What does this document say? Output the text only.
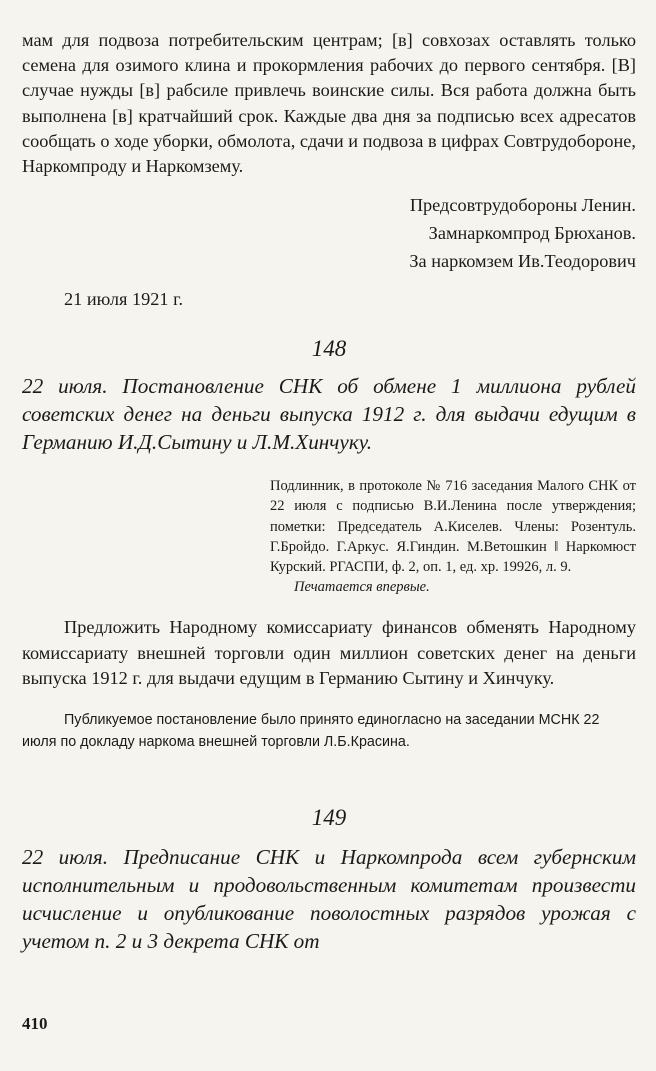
мам для подвоза потребительским центрам; [в] совхозах оставлять только семена для озимого клина и прокормления рабочих до первого сентября. [В] случае нужды [в] рабсиле привлечь воинские силы. Вся работа должна быть выполнена [в] кратчайший срок. Каждые два дня за подписью всех адресатов сообщать о ходе уборки, обмолота, сдачи и подвоза в цифрах Совтрудобороне, Наркомпроду и Наркомзему.

Предсовтрудобороны Ленин.

Замнаркомпрод Брюханов.

За наркомзем Ив.Теодорович

21 июля 1921 г.

148

22 июля. Постановление СНК об обмене 1 миллиона рублей советских денег на деньги выпуска 1912 г. для выдачи едущим в Германию И.Д.Сытину и Л.М.Хинчуку.

Подлинник, в протоколе № 716 заседания Малого СНК от 22 июля с подписью В.И.Ленина после утверждения; пометки: Председатель А.Киселев. Члены: Розентуль. Г.Бройдо. Г.Аркус. Я.Гиндин. М.Ветошкин ‖ Наркомюст Курский. РГАСПИ, ф. 2, оп. 1, ед. хр. 19926, л. 9.
Печатается впервые.

Предложить Народному комиссариату финансов обменять Народному комиссариату внешней торговли один миллион советских денег на деньги выпуска 1912 г. для выдачи едущим в Германию Сытину и Хинчуку.

Публикуемое постановление было принято единогласно на заседании МСНК 22 июля по докладу наркома внешней торговли Л.Б.Красина.

149

22 июля. Предписание СНК и Наркомпрода всем губернским исполнительным и продовольственным комитетам произвести исчисление и опубликование поволостных разрядов урожая с учетом п. 2 и 3 декрета СНК от

410
